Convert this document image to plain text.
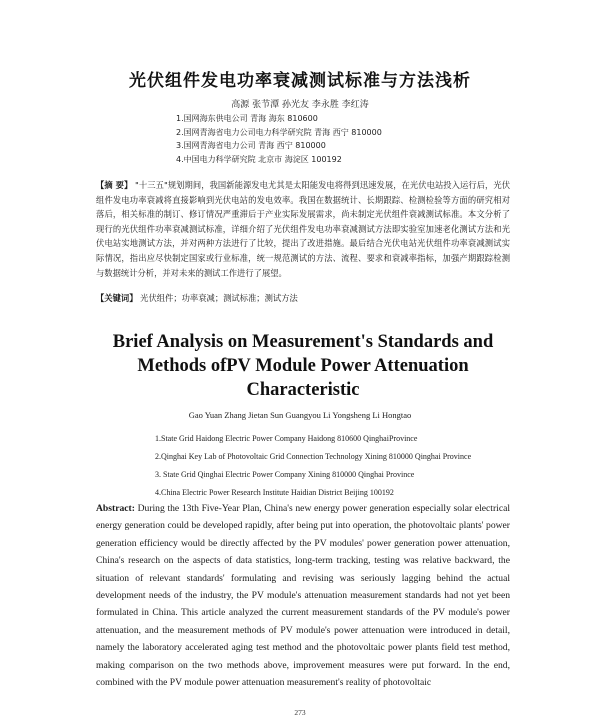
光伏组件发电功率衰减测试标准与方法浅析
高源 张节潭 孙光友 李永胜 李红涛
1.国网海东供电公司 青海 海东 810600
2.国网青海省电力公司电力科学研究院 青海 西宁 810000
3.国网青海省电力公司 青海 西宁 810000
4.中国电力科学研究院 北京市 海淀区 100192
【摘 要】 "十三五"规划期间，我国新能源发电尤其是太阳能发电将得到迅速发展，在光伏电站投入运行后，光伏组件发电功率衰减将直接影响到光伏电站的发电效率。我国在数据统计、长期跟踪、检测检验等方面的研究相对落后，相关标准的制订、修订情况严重滞后于产业实际发展需求，尚未制定光伏组件衰减测试标准。本文分析了现行的光伏组件功率衰减测试标准，详细介绍了光伏组件发电功率衰减测试方法即实验室加速老化测试方法和光伏电站实地测试方法，并对两种方法进行了比较，提出了改进措施。最后结合光伏电站光伏组件功率衰减测试实际情况，指出应尽快制定国家或行业标准，统一规范测试的方法、流程、要求和衰减率指标，加强产期跟踪检测与数据统计分析，并对未来的测试工作进行了展望。
【关键词】 光伏组件；功率衰减；测试标准；测试方法
Brief Analysis on Measurement's Standards and Methods ofPV Module Power Attenuation Characteristic
Gao Yuan Zhang Jietan Sun Guangyou Li Yongsheng Li Hongtao
1.State Grid Haidong Electric Power Company Haidong 810600 QinghaiProvince
2.Qinghai Key Lab of Photovoltaic Grid Connection Technology Xining 810000 Qinghai Province
3. State Grid Qinghai Electric Power Company Xining 810000 Qinghai Province
4.China Electric Power Research Institute Haidian District Beijing 100192
Abstract: During the 13th Five-Year Plan, China's new energy power generation especially solar electrical energy generation could be developed rapidly, after being put into operation, the photovoltaic plants' power generation efficiency would be directly affected by the PV modules' power generation power attenuation, China's research on the aspects of data statistics, long-term tracking, testing was relative backward, the situation of relevant standards' formulating and revising was seriously lagging behind the actual development needs of the industry, the PV module's attenuation measurement standards had not yet been formulated in China. This article analyzed the current measurement standards of the PV module's power attenuation, and the measurement methods of PV module's power attenuation were introduced in detail, namely the laboratory accelerated aging test method and the photovoltaic power plants field test method, making comparison on the two methods above, improvement measures were put forward. In the end, combined with the PV module power attenuation measurement's reality of photovoltaic
273
